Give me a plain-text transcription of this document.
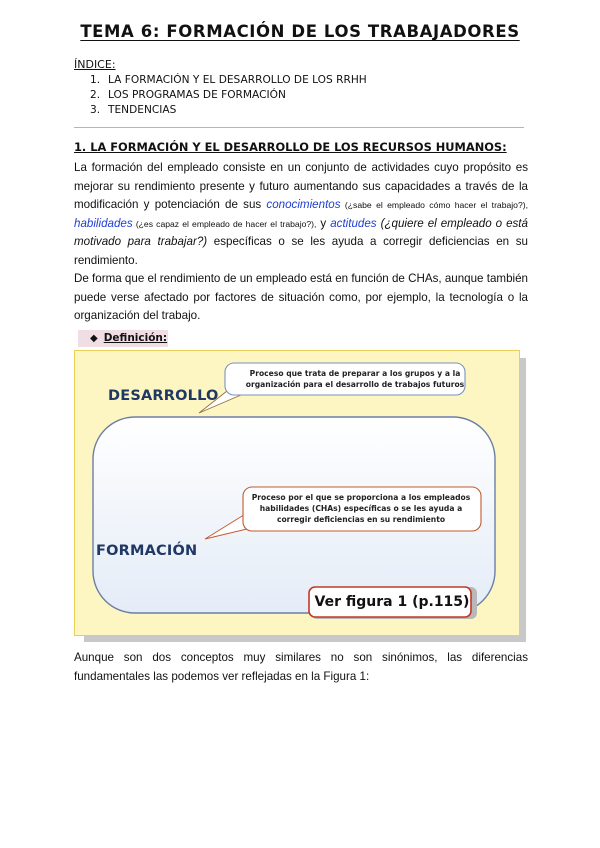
TEMA 6: FORMACIÓN DE LOS TRABAJADORES
ÍNDICE:
1. LA FORMACIÓN Y EL DESARROLLO DE LOS RRHH
2. LOS PROGRAMAS DE FORMACIÓN
3. TENDENCIAS
1. LA FORMACIÓN Y EL DESARROLLO DE LOS RECURSOS HUMANOS:
La formación del empleado consiste en un conjunto de actividades cuyo propósito es mejorar su rendimiento presente y futuro aumentando sus capacidades a través de la modificación y potenciación de sus conocimientos (¿sabe el empleado cómo hacer el trabajo?), habilidades (¿es capaz el empleado de hacer el trabajo?), y actitudes (¿quiere el empleado o está motivado para trabajar?) específicas o se les ayuda a corregir deficiencias en su rendimiento.
De forma que el rendimiento de un empleado está en función de CHAs, aunque también puede verse afectado por factores de situación como, por ejemplo, la tecnología o la organización del trabajo.
◆ Definición:
DESARROLLO
FORMACIÓN
Proceso que trata de preparar a los grupos y a la organización para el desarrollo de trabajos futuros
Proceso por el que se proporciona a los empleados habilidades (CHAs) específicas o se les ayuda a corregir deficiencias en su rendimiento
Ver figura 1 (p.115)
Aunque son dos conceptos muy similares no son sinónimos, las diferencias fundamentales las podemos ver reflejadas en la Figura 1:
